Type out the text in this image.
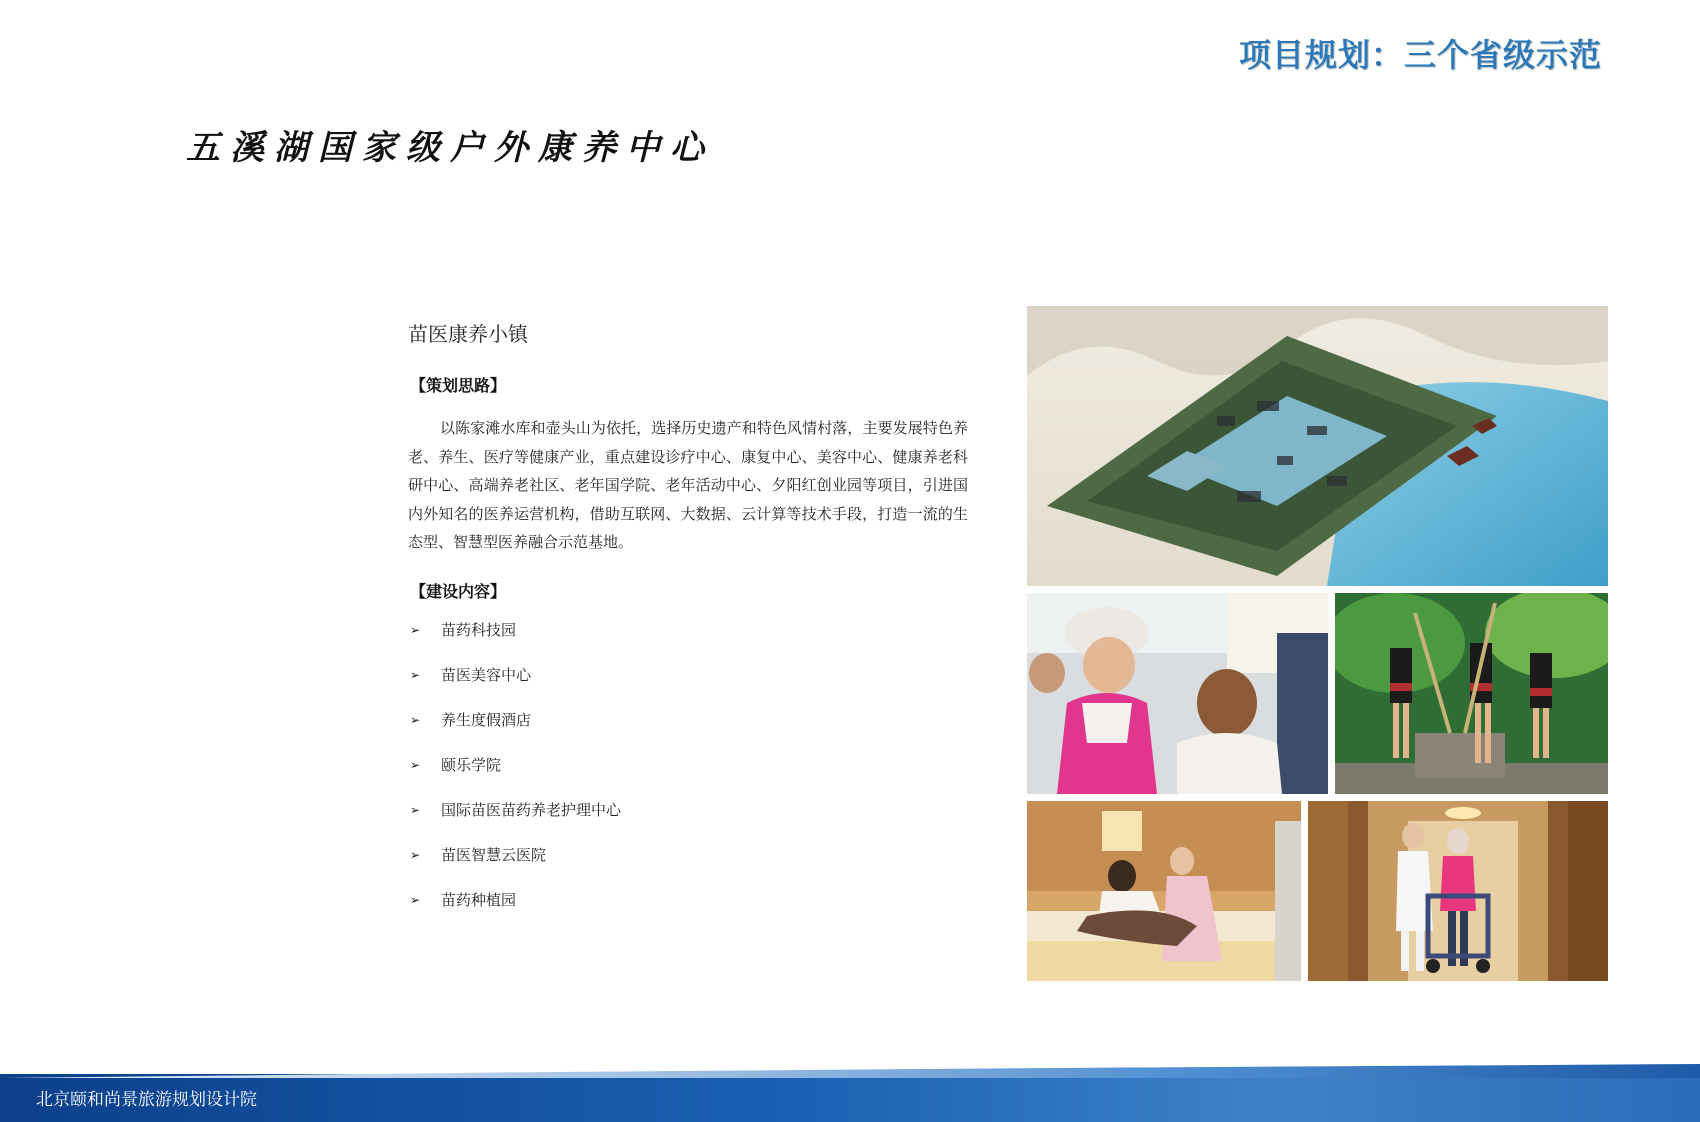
项目规划：三个省级示范
五溪湖国家级户外康养中心
苗医康养小镇
【策划思路】

以陈家滩水库和壶头山为依托，选择历史遗产和特色风情村落，主要发展特色养老、养生、医疗等健康产业，重点建设诊疗中心、康复中心、美容中心、健康养老科研中心、高端养老社区、老年国学院、老年活动中心、夕阳红创业园等项目，引进国内外知名的医养运营机构，借助互联网、大数据、云计算等技术手段，打造一流的生态型、智慧型医养融合示范基地。

【建设内容】
➢	苗药科技园
➢	苗医美容中心
➢	养生度假酒店
➢	颐乐学院
➢	国际苗医苗药养老护理中心
➢	苗医智慧云医院
➢	苗药种植园
北京颐和尚景旅游规划设计院
